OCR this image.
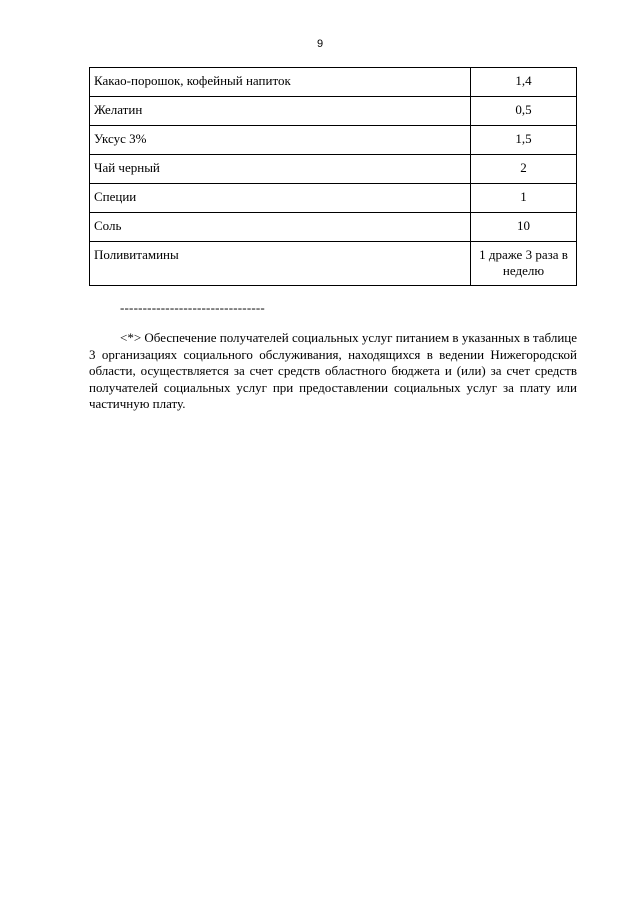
9
Какао-порошок, кофейный напиток	1,4
Желатин	0,5
Уксус 3%	1,5
Чай черный	2
Специи	1
Соль	10
Поливитамины	1 драже 3 раза в неделю
--------------------------------

<*> Обеспечение получателей социальных услуг питанием в указанных в таблице 3 организациях социального обслуживания, находящихся в ведении Нижегородской области, осуществляется за счет средств областного бюджета и (или) за счет средств получателей социальных услуг при предоставлении социальных услуг за плату или частичную плату.
